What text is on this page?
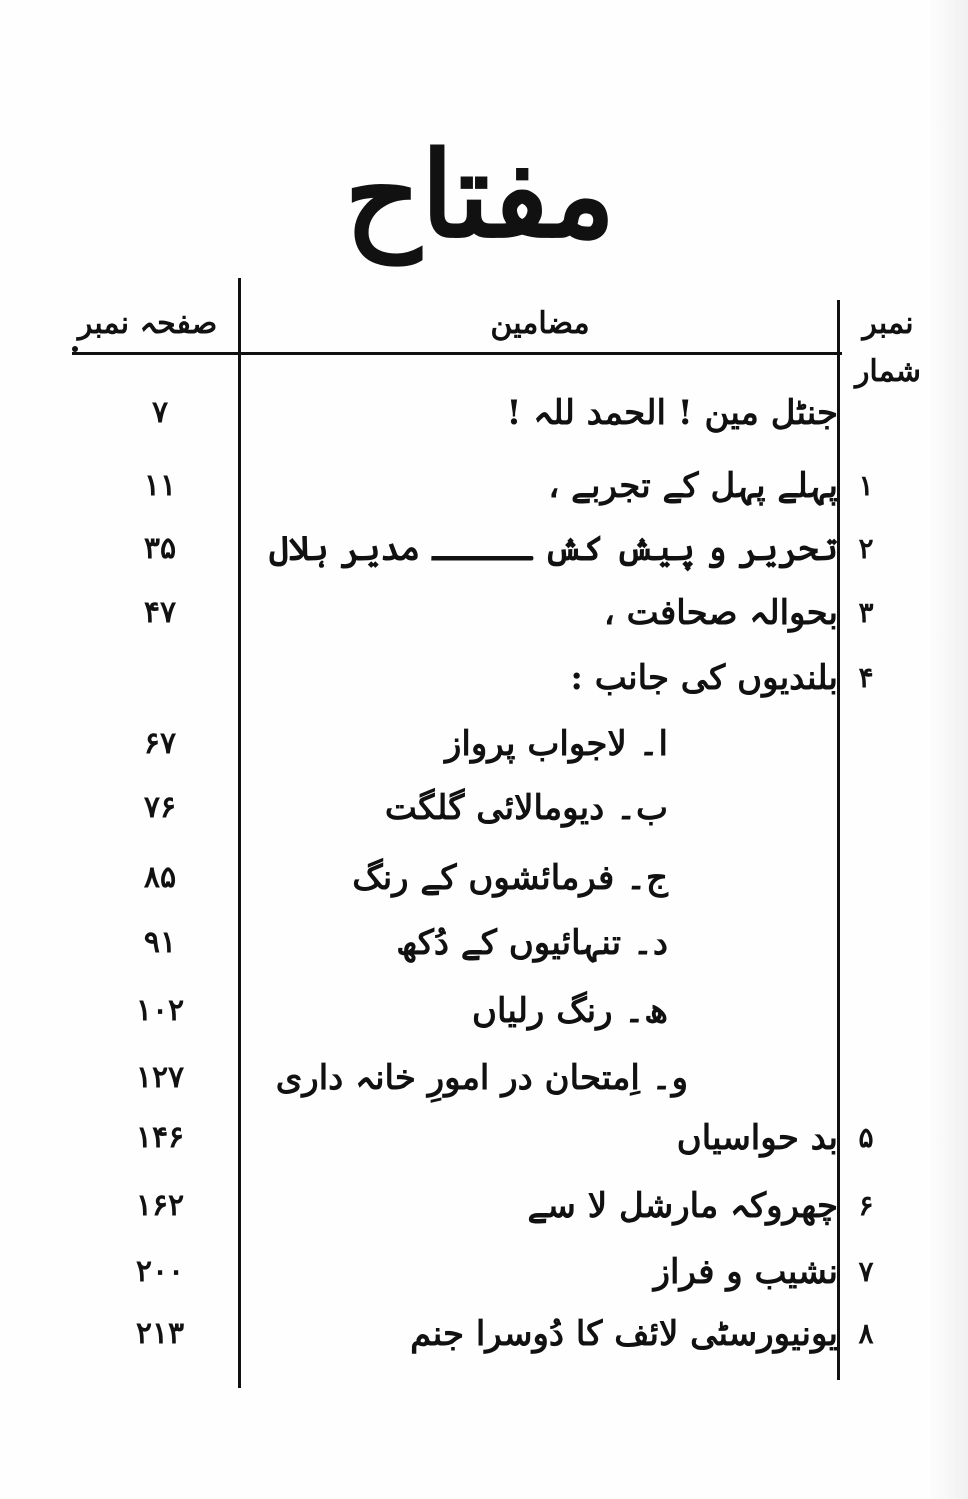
مفتاح
نمبر شمار
مضامین
صفحہ نمبر
جنٹل مین ! الحمد للہ !
۷
۱
پہلے پہل کے تجربے ،
۱۱
۲
تحریر و پیش کش ـــــ مدیر ہلال
۳۵
۳
بحوالہ صحافت ،
۴۷
۴
بلندیوں کی جانب :
ا۔ لاجواب پرواز
۶۷
ب۔ دیومالائی گلگت
۷۶
ج۔ فرمائشوں کے رنگ
۸۵
د۔ تنہائیوں کے دُکھ
۹۱
ھ۔ رنگ رلیاں
۱۰۲
و۔ اِمتحان در امورِ خانہ داری
۱۲۷
۵
بد حواسیاں
۱۴۶
۶
چھروکہ مارشل لا سے
۱۶۲
۷
نشیب و فراز
۲۰۰
۸
یونیورسٹی لائف کا دُوسرا جنم
۲۱۳
